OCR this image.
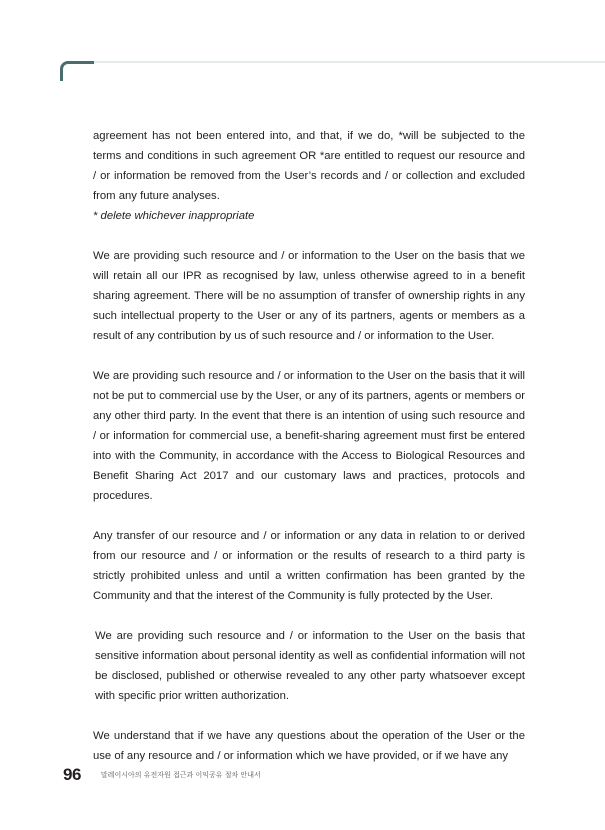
agreement has not been entered into, and that, if we do, *will be subjected to the terms and conditions in such agreement OR *are entitled to request our resource and / or information be removed from the User’s records and / or collection and excluded from any future analyses.

* delete whichever inappropriate

We are providing such resource and / or information to the User on the basis that we will retain all our IPR as recognised by law, unless otherwise agreed to in a benefit sharing agreement. There will be no assumption of transfer of ownership rights in any such intellectual property to the User or any of its partners, agents or members as a result of any contribution by us of such resource and / or information to the User.

We are providing such resource and / or information to the User on the basis that it will not be put to commercial use by the User, or any of its partners, agents or members or any other third party. In the event that there is an intention of using such resource and / or information for commercial use, a benefit-sharing agreement must first be entered into with the Community, in accordance with the Access to Biological Resources and Benefit Sharing Act 2017 and our customary laws and practices, protocols and procedures.

Any transfer of our resource and / or information or any data in relation to or derived from our resource and / or information or the results of research to a third party is strictly prohibited unless and until a written confirmation has been granted by the Community and that the interest of the Community is fully protected by the User.

We are providing such resource and / or information to the User on the basis that sensitive information about personal identity as well as confidential information will not be disclosed, published or otherwise revealed to any other party whatsoever except with specific prior written authorization.

We understand that if we have any questions about the operation of the User or the use of any resource and / or information which we have provided, or if we have any

96	말레이시아의 유전자원 접근과 이익공유 절차 안내서
